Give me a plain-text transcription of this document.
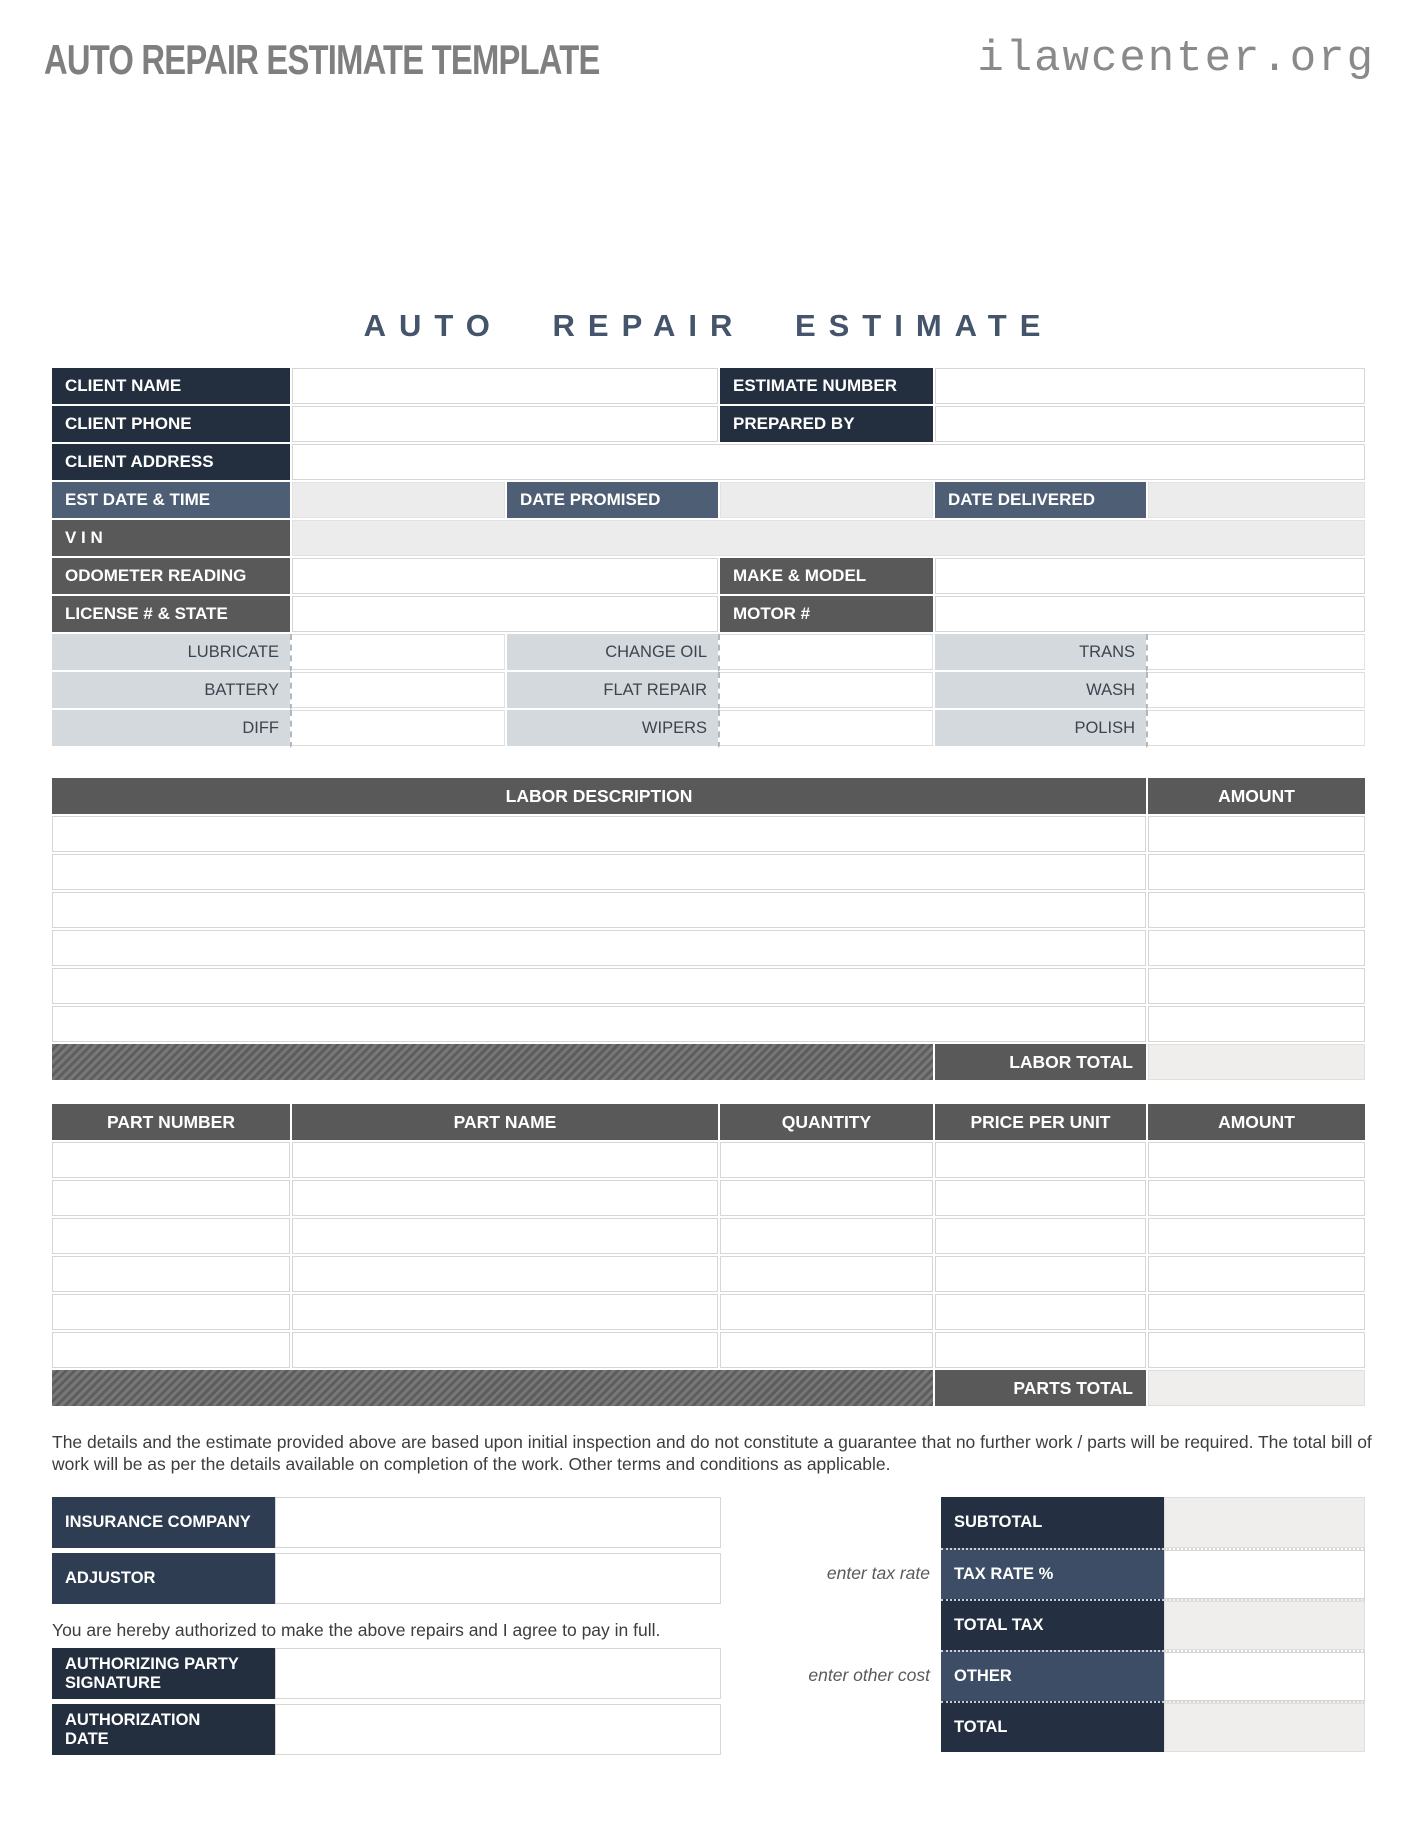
AUTO REPAIR ESTIMATE TEMPLATE	ilawcenter.org
AUTO REPAIR ESTIMATE
CLIENT NAME	ESTIMATE NUMBER
CLIENT PHONE	PREPARED BY
CLIENT ADDRESS
EST DATE & TIME	DATE PROMISED	DATE DELIVERED
V I N
ODOMETER READING	MAKE & MODEL
LICENSE # & STATE	MOTOR #
LUBRICATE	CHANGE OIL	TRANS
BATTERY	FLAT REPAIR	WASH
DIFF	WIPERS	POLISH
LABOR DESCRIPTION	AMOUNT
LABOR TOTAL
PART NUMBER	PART NAME	QUANTITY	PRICE PER UNIT	AMOUNT
PARTS TOTAL
The details and the estimate provided above are based upon initial inspection and do not constitute a guarantee that no further work / parts will be required. The total bill of work will be as per the details available on completion of the work. Other terms and conditions as applicable.
You are hereby authorized to make the above repairs and I agree to pay in full.
INSURANCE COMPANY
ADJUSTOR
AUTHORIZING PARTY SIGNATURE
AUTHORIZATION DATE
enter tax rate
enter other cost
SUBTOTAL
TAX RATE %
TOTAL TAX
OTHER
TOTAL
